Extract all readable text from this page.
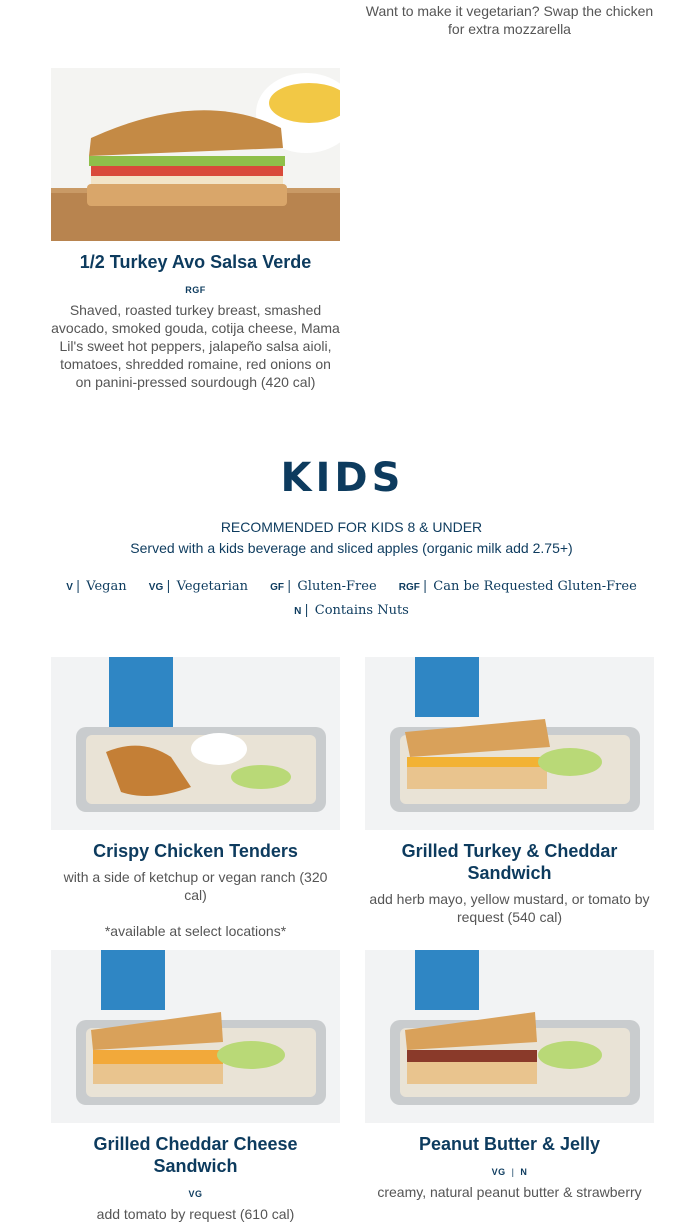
Want to make it vegetarian? Swap the chicken for extra mozzarella
1/2 Turkey Avo Salsa Verde
RGF
Shaved, roasted turkey breast, smashed avocado, smoked gouda, cotija cheese, Mama Lil's sweet hot peppers, jalapeño salsa aioli, tomatoes, shredded romaine, red onions on on panini-pressed sourdough (420 cal)
KIDS
RECOMMENDED FOR KIDS 8 & UNDER
Served with a kids beverage and sliced apples (organic milk add 2.75+)
V | Vegan VG | Vegetarian GF | Gluten-Free RGF | Can be Requested Gluten-Free
N | Contains Nuts
Crispy Chicken Tenders
with a side of ketchup or vegan ranch (320 cal)
*available at select locations*
Grilled Turkey & Cheddar Sandwich
add herb mayo, yellow mustard, or tomato by request (540 cal)
Grilled Cheddar Cheese Sandwich
VG
add tomato by request (610 cal)
Peanut Butter & Jelly
VG | N
creamy, natural peanut butter & strawberry
